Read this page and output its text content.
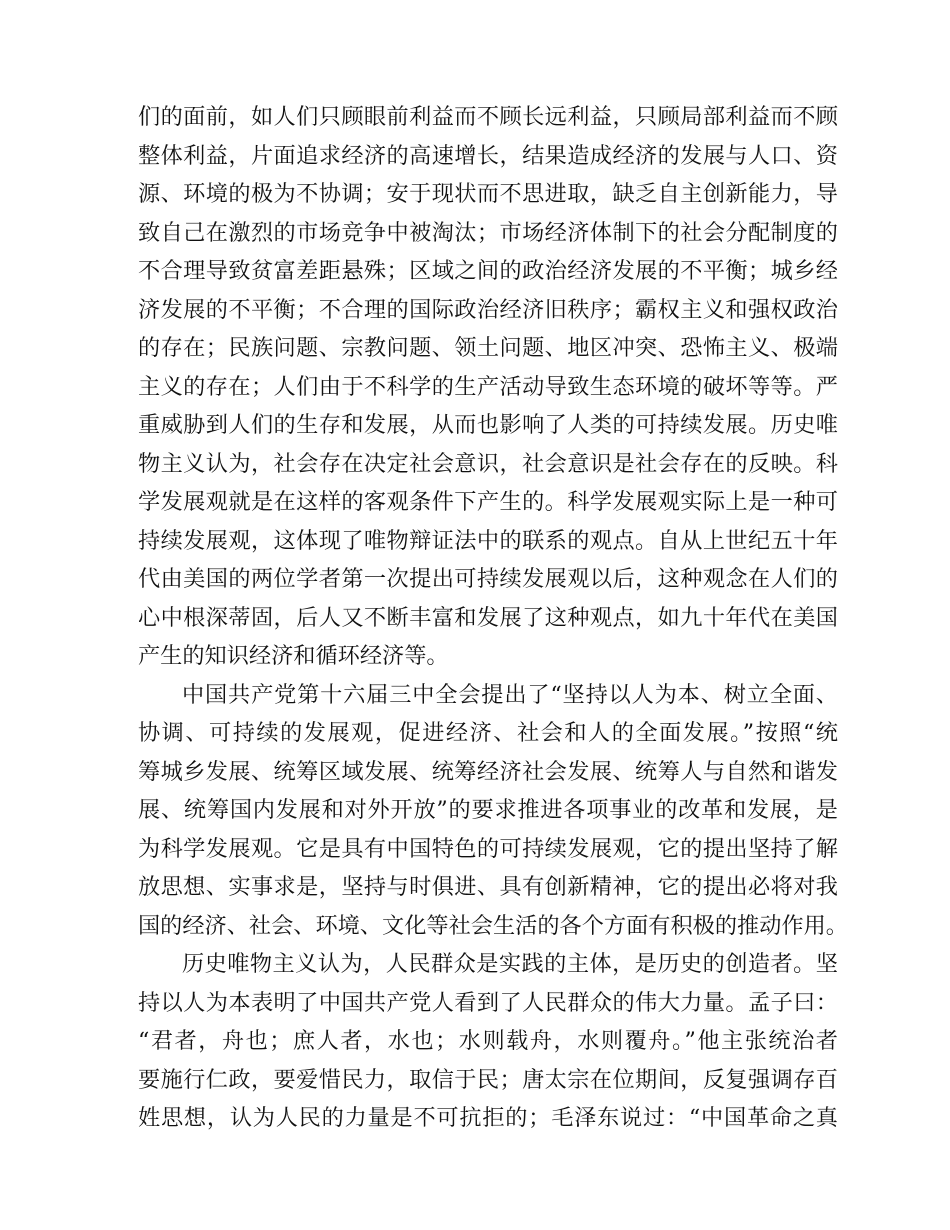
们的面前，如人们只顾眼前利益而不顾长远利益，只顾局部利益而不顾
整体利益，片面追求经济的高速增长，结果造成经济的发展与人口、资
源、环境的极为不协调；安于现状而不思进取，缺乏自主创新能力，导
致自己在激烈的市场竞争中被淘汰；市场经济体制下的社会分配制度的
不合理导致贫富差距悬殊；区域之间的政治经济发展的不平衡；城乡经
济发展的不平衡；不合理的国际政治经济旧秩序；霸权主义和强权政治
的存在；民族问题、宗教问题、领土问题、地区冲突、恐怖主义、极端
主义的存在；人们由于不科学的生产活动导致生态环境的破坏等等。严
重威胁到人们的生存和发展，从而也影响了人类的可持续发展。历史唯
物主义认为，社会存在决定社会意识，社会意识是社会存在的反映。科
学发展观就是在这样的客观条件下产生的。科学发展观实际上是一种可
持续发展观，这体现了唯物辩证法中的联系的观点。自从上世纪五十年
代由美国的两位学者第一次提出可持续发展观以后，这种观念在人们的
心中根深蒂固，后人又不断丰富和发展了这种观点，如九十年代在美国
产生的知识经济和循环经济等。
中国共产党第十六届三中全会提出了“坚持以人为本、树立全面、
协调、可持续的发展观，促进经济、社会和人的全面发展。”按照“统
筹城乡发展、统筹区域发展、统筹经济社会发展、统筹人与自然和谐发
展、统筹国内发展和对外开放”的要求推进各项事业的改革和发展，是
为科学发展观。它是具有中国特色的可持续发展观，它的提出坚持了解
放思想、实事求是，坚持与时俱进、具有创新精神，它的提出必将对我
国的经济、社会、环境、文化等社会生活的各个方面有积极的推动作用。
历史唯物主义认为，人民群众是实践的主体，是历史的创造者。坚
持以人为本表明了中国共产党人看到了人民群众的伟大力量。孟子曰：
“君者，舟也；庶人者，水也；水则载舟，水则覆舟。”他主张统治者
要施行仁政，要爱惜民力，取信于民；唐太宗在位期间，反复强调存百
姓思想，认为人民的力量是不可抗拒的；毛泽东说过：“中国革命之真
